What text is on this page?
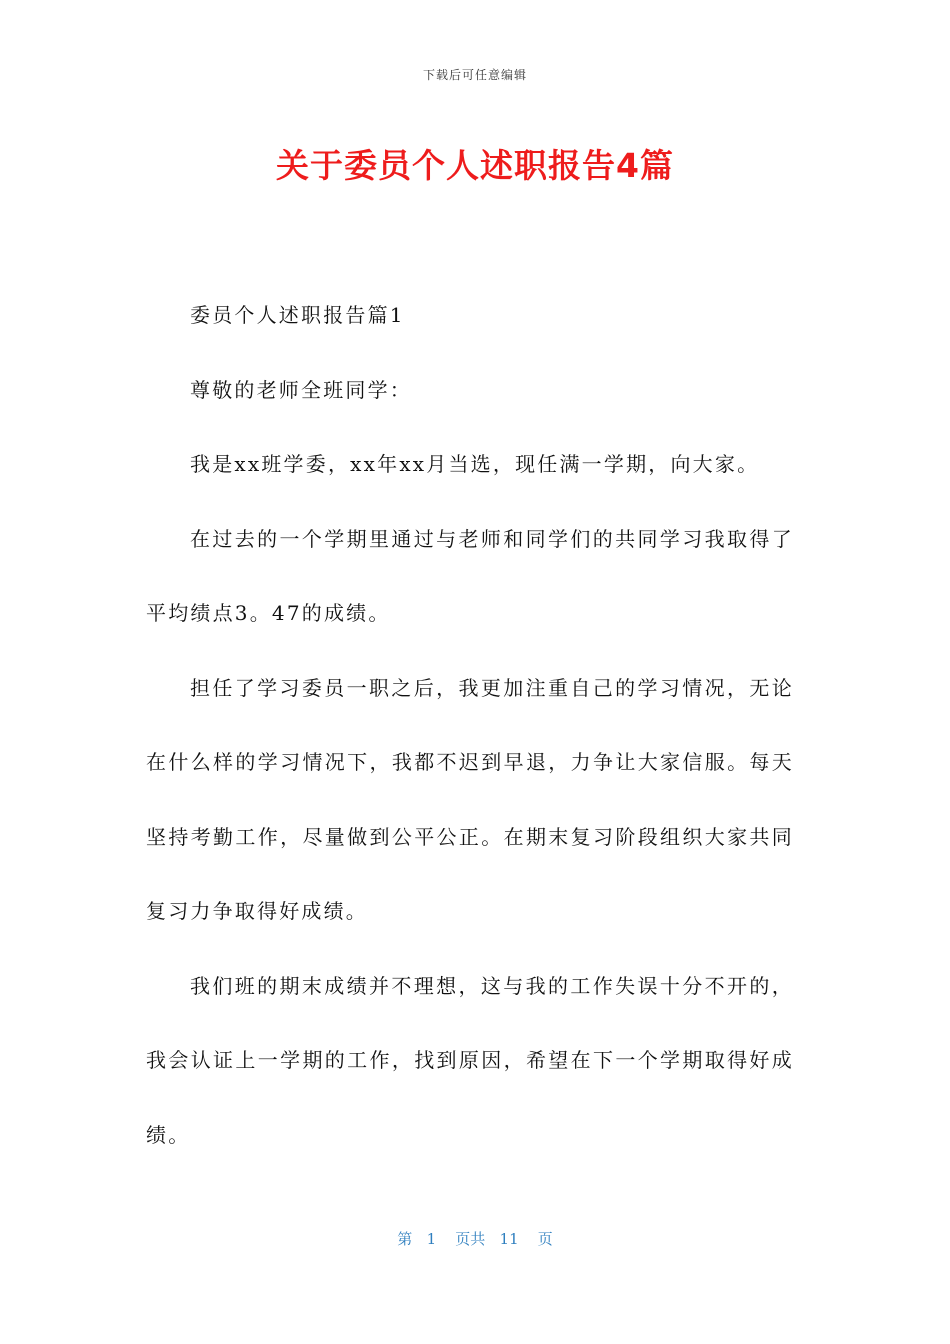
下载后可任意编辑
关于委员个人述职报告4篇

委员个人述职报告篇1

尊敬的老师全班同学：

我是xx班学委，xx年xx月当选，现任满一学期，向大家。

在过去的一个学期里通过与老师和同学们的共同学习我取得了平均绩点3。47的成绩。

担任了学习委员一职之后，我更加注重自己的学习情况，无论在什么样的学习情况下，我都不迟到早退，力争让大家信服。每天坚持考勤工作，尽量做到公平公正。在期末复习阶段组织大家共同复习力争取得好成绩。

我们班的期末成绩并不理想，这与我的工作失误十分不开的，我会认证上一学期的工作，找到原因，希望在下一个学期取得好成绩。

第 1 页共 11 页
